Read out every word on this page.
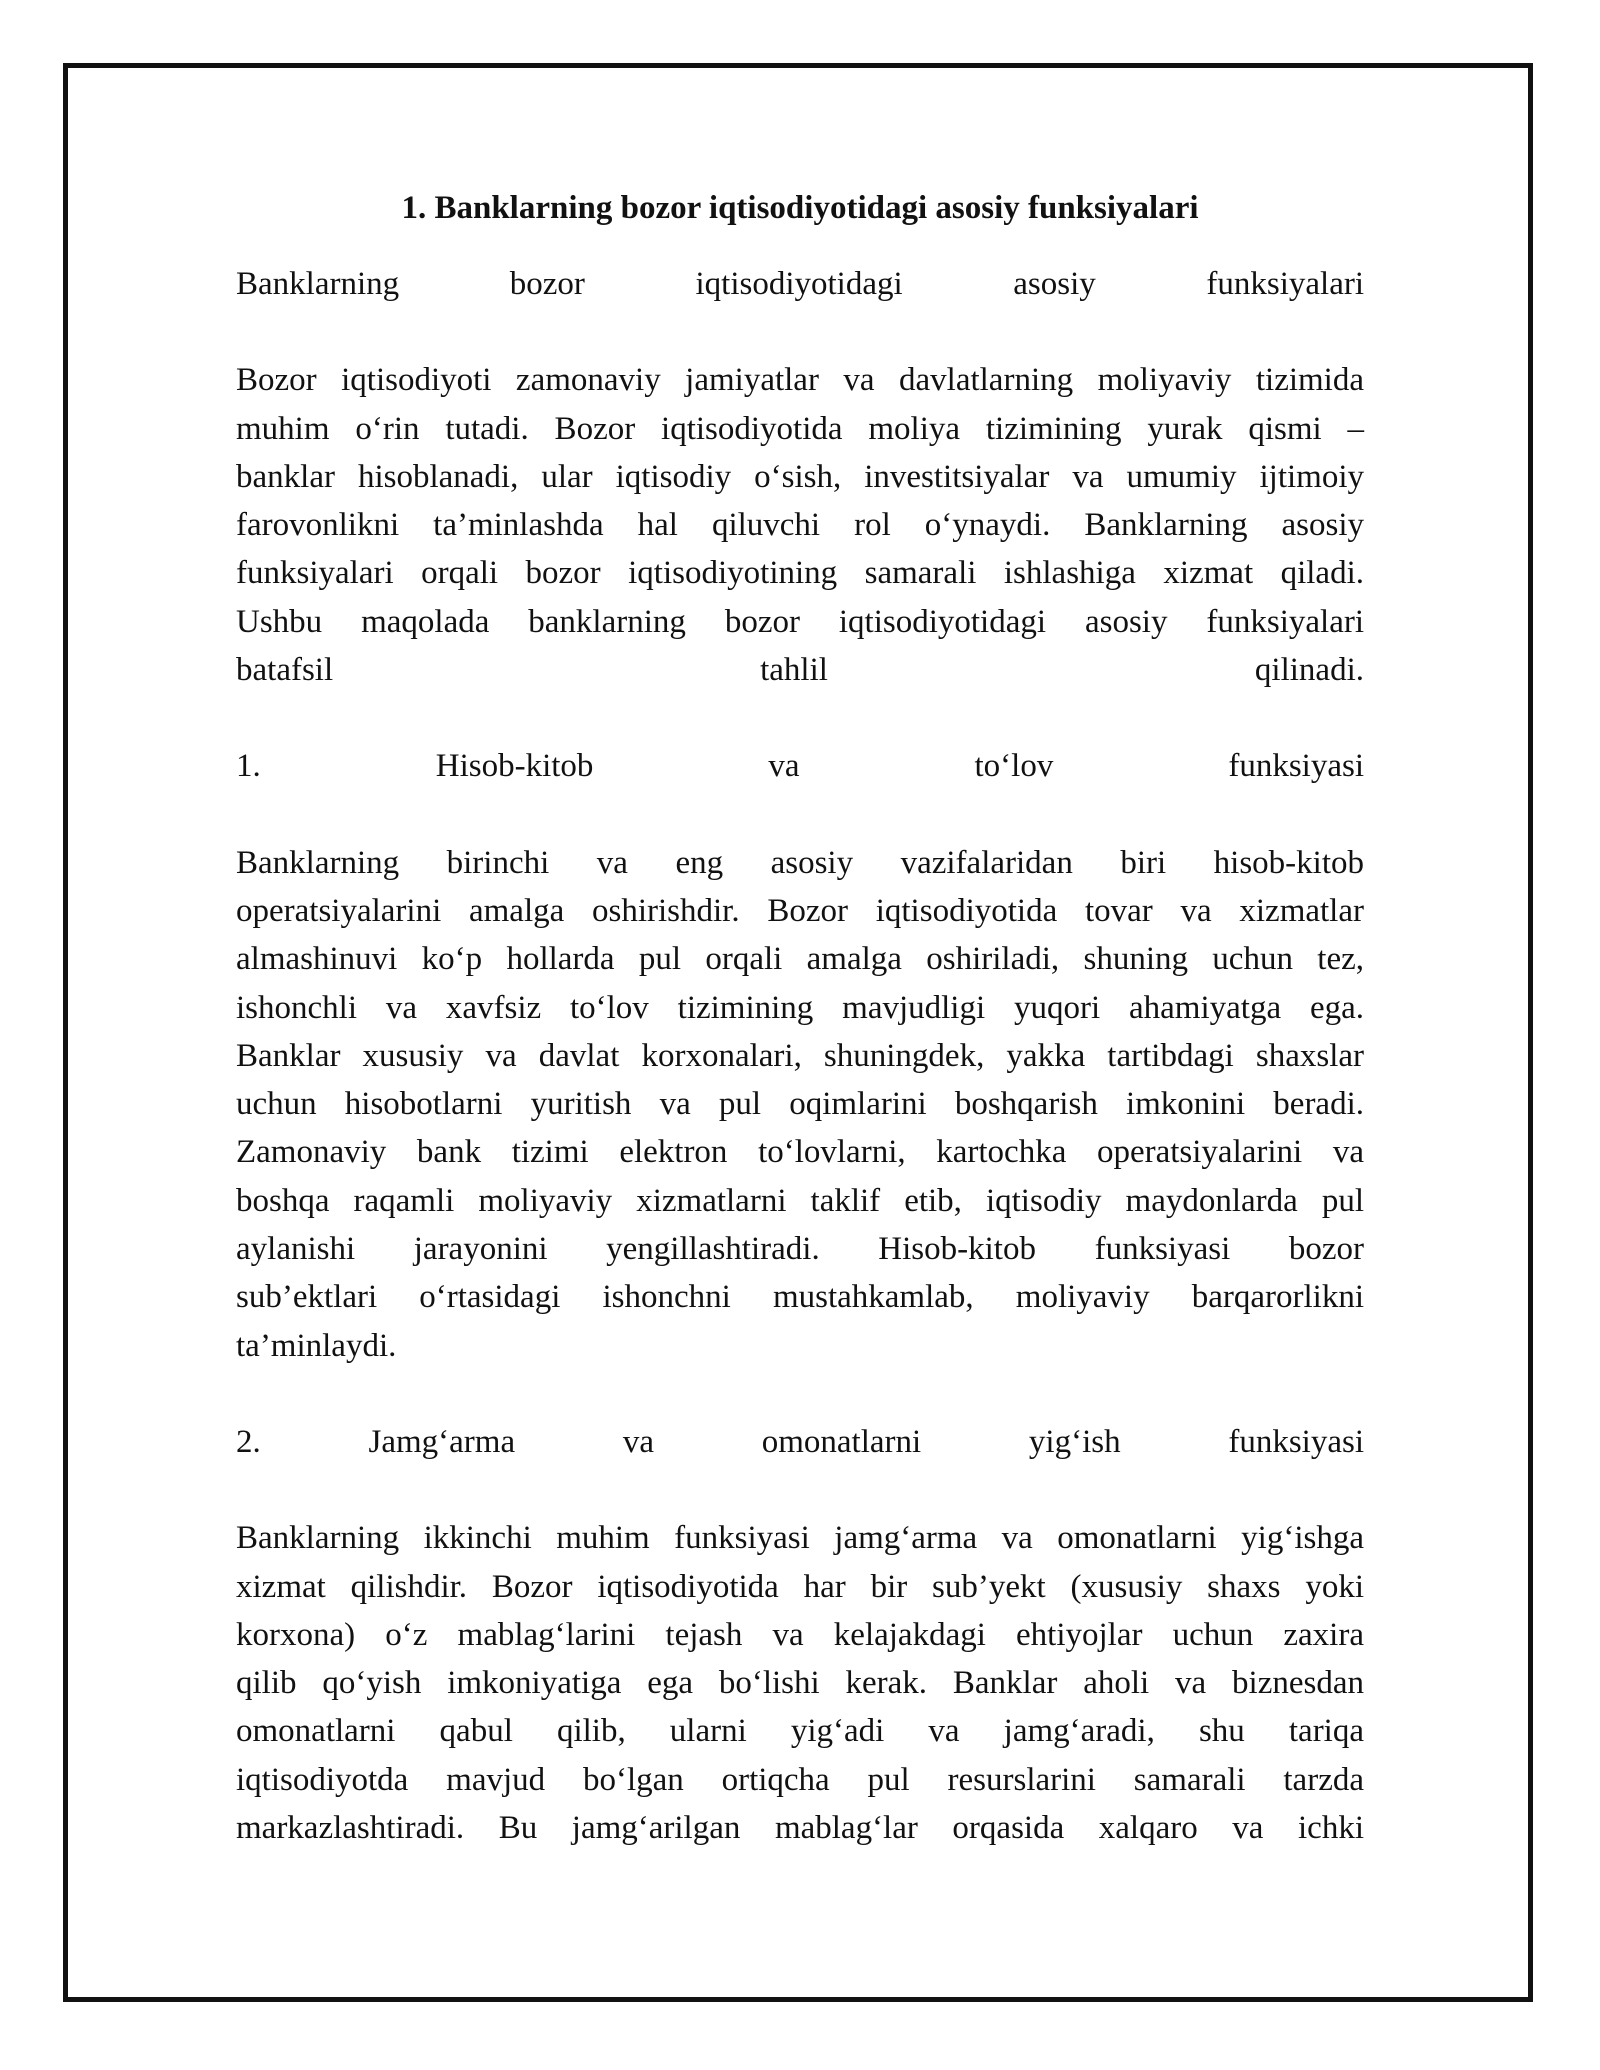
1. Banklarning bozor iqtisodiyotidagi asosiy funksiyalari
Banklarning bozor iqtisodiyotidagi asosiy funksiyalari
Bozor iqtisodiyoti zamonaviy jamiyatlar va davlatlarning moliyaviy tizimida
muhim o‘rin tutadi. Bozor iqtisodiyotida moliya tizimining yurak qismi –
banklar hisoblanadi, ular iqtisodiy o‘sish, investitsiyalar va umumiy ijtimoiy
farovonlikni ta’minlashda hal qiluvchi rol o‘ynaydi. Banklarning asosiy
funksiyalari orqali bozor iqtisodiyotining samarali ishlashiga xizmat qiladi.
Ushbu maqolada banklarning bozor iqtisodiyotidagi asosiy funksiyalari
batafsil tahlil qilinadi.
1. Hisob-kitob va to‘lov funksiyasi
Banklarning birinchi va eng asosiy vazifalaridan biri hisob-kitob
operatsiyalarini amalga oshirishdir. Bozor iqtisodiyotida tovar va xizmatlar
almashinuvi ko‘p hollarda pul orqali amalga oshiriladi, shuning uchun tez,
ishonchli va xavfsiz to‘lov tizimining mavjudligi yuqori ahamiyatga ega.
Banklar xususiy va davlat korxonalari, shuningdek, yakka tartibdagi shaxslar
uchun hisobotlarni yuritish va pul oqimlarini boshqarish imkonini beradi.
Zamonaviy bank tizimi elektron to‘lovlarni, kartochka operatsiyalarini va
boshqa raqamli moliyaviy xizmatlarni taklif etib, iqtisodiy maydonlarda pul
aylanishi jarayonini yengillashtiradi. Hisob-kitob funksiyasi bozor
sub’ektlari o‘rtasidagi ishonchni mustahkamlab, moliyaviy barqarorlikni
ta’minlaydi.
2. Jamg‘arma va omonatlarni yig‘ish funksiyasi
Banklarning ikkinchi muhim funksiyasi jamg‘arma va omonatlarni yig‘ishga
xizmat qilishdir. Bozor iqtisodiyotida har bir sub’yekt (xususiy shaxs yoki
korxona) o‘z mablag‘larini tejash va kelajakdagi ehtiyojlar uchun zaxira
qilib qo‘yish imkoniyatiga ega bo‘lishi kerak. Banklar aholi va biznesdan
omonatlarni qabul qilib, ularni yig‘adi va jamg‘aradi, shu tariqa
iqtisodiyotda mavjud bo‘lgan ortiqcha pul resurslarini samarali tarzda
markazlashtiradi. Bu jamg‘arilgan mablag‘lar orqasida xalqaro va ichki
